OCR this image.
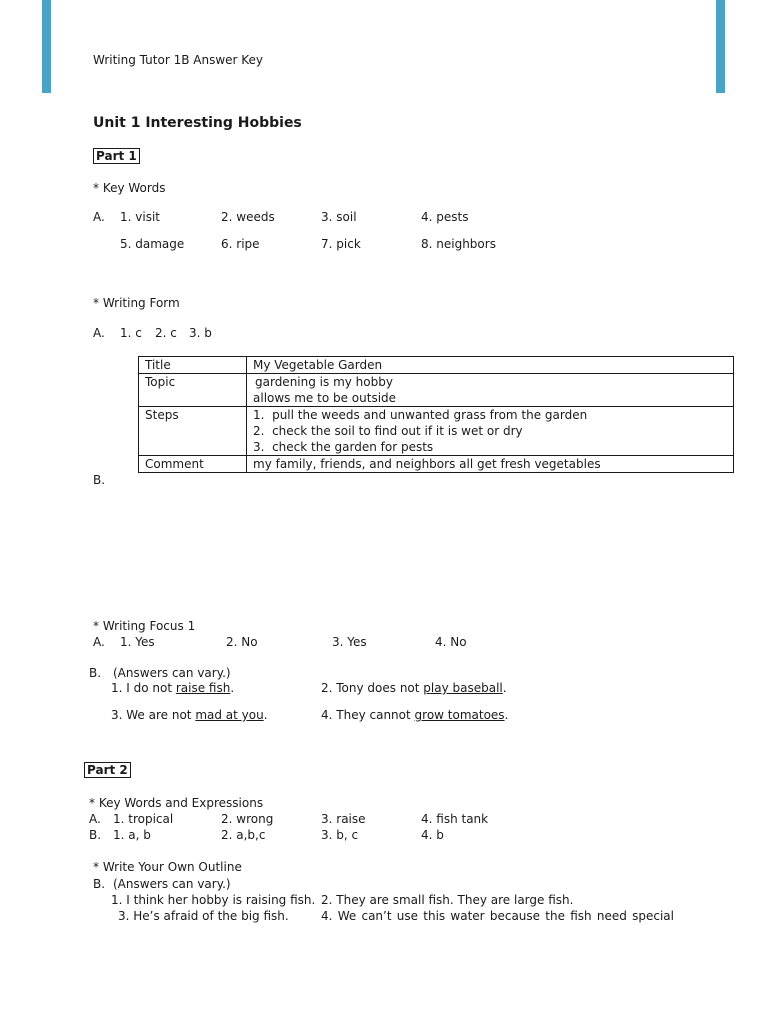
Writing Tutor 1B Answer Key
Unit 1 Interesting Hobbies
Part 1
* Key Words
A. 1. visit	2. weeds	3. soil	4. pests
5. damage	6. ripe	7. pick	8. neighbors
* Writing Form
A. 1. c 2. c 3. b
Title	My Vegetable Garden
Topic	gardening is my hobby
allows me to be outside

Steps	1.  pull the weeds and unwanted grass from the garden
2.  check the soil to find out if it is wet or dry
3.  check the garden for pests

Comment	my family, friends, and neighbors all get fresh vegetables
B.
* Writing Focus 1
A. 1. Yes	2. No	3. Yes	4. No
B. (Answers can vary.)
1. I do not raise fish.	2. Tony does not play baseball.
3. We are not mad at you.	4. They cannot grow tomatoes.
Part 2
* Key Words and Expressions
A. 1. tropical	2. wrong	3. raise	4. fish tank
B. 1. a, b	2. a,b,c	3. b, c	4. b
* Write Your Own Outline
B. (Answers can vary.)
1. I think her hobby is raising fish. 2. They are small fish. They are large fish.
3. He’s afraid of the big fish.	4. We can’t use this water because the fish need special
